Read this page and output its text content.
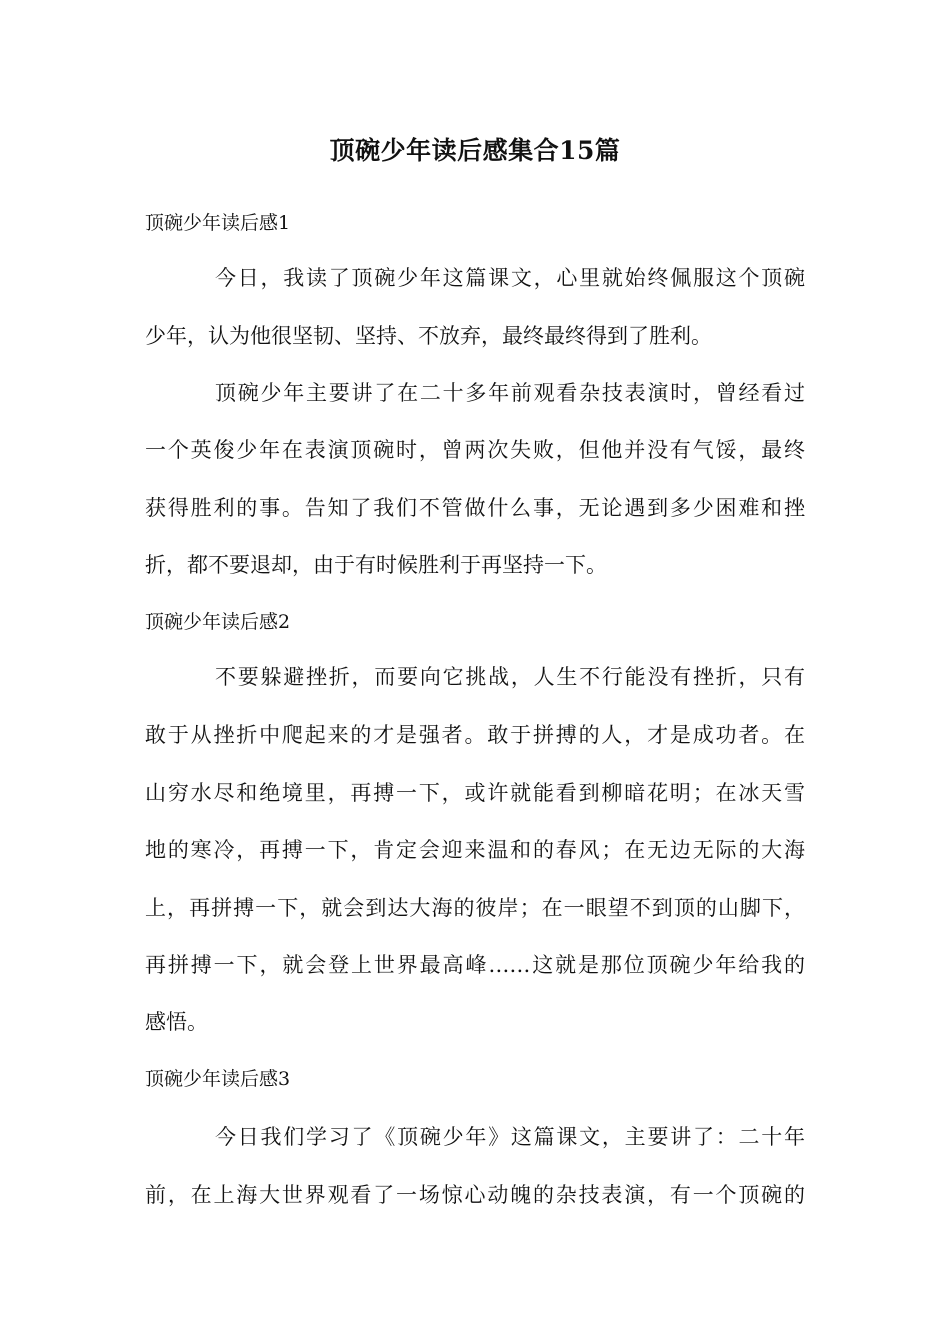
顶碗少年读后感集合15篇
顶碗少年读后感1
今日，我读了顶碗少年这篇课文，心里就始终佩服这个顶碗
少年，认为他很坚韧、坚持、不放弃，最终最终得到了胜利。
顶碗少年主要讲了在二十多年前观看杂技表演时，曾经看过
一个英俊少年在表演顶碗时，曾两次失败，但他并没有气馁，最终
获得胜利的事。告知了我们不管做什么事，无论遇到多少困难和挫
折，都不要退却，由于有时候胜利于再坚持一下。
顶碗少年读后感2
不要躲避挫折，而要向它挑战，人生不行能没有挫折，只有
敢于从挫折中爬起来的才是强者。敢于拼搏的人，才是成功者。在
山穷水尽和绝境里，再搏一下，或许就能看到柳暗花明；在冰天雪
地的寒冷，再搏一下，肯定会迎来温和的春风；在无边无际的大海
上，再拼搏一下，就会到达大海的彼岸；在一眼望不到顶的山脚下，
再拼搏一下，就会登上世界最高峰……这就是那位顶碗少年给我的
感悟。
顶碗少年读后感3
今日我们学习了《顶碗少年》这篇课文，主要讲了：二十年
前，在上海大世界观看了一场惊心动魄的杂技表演，有一个顶碗的
